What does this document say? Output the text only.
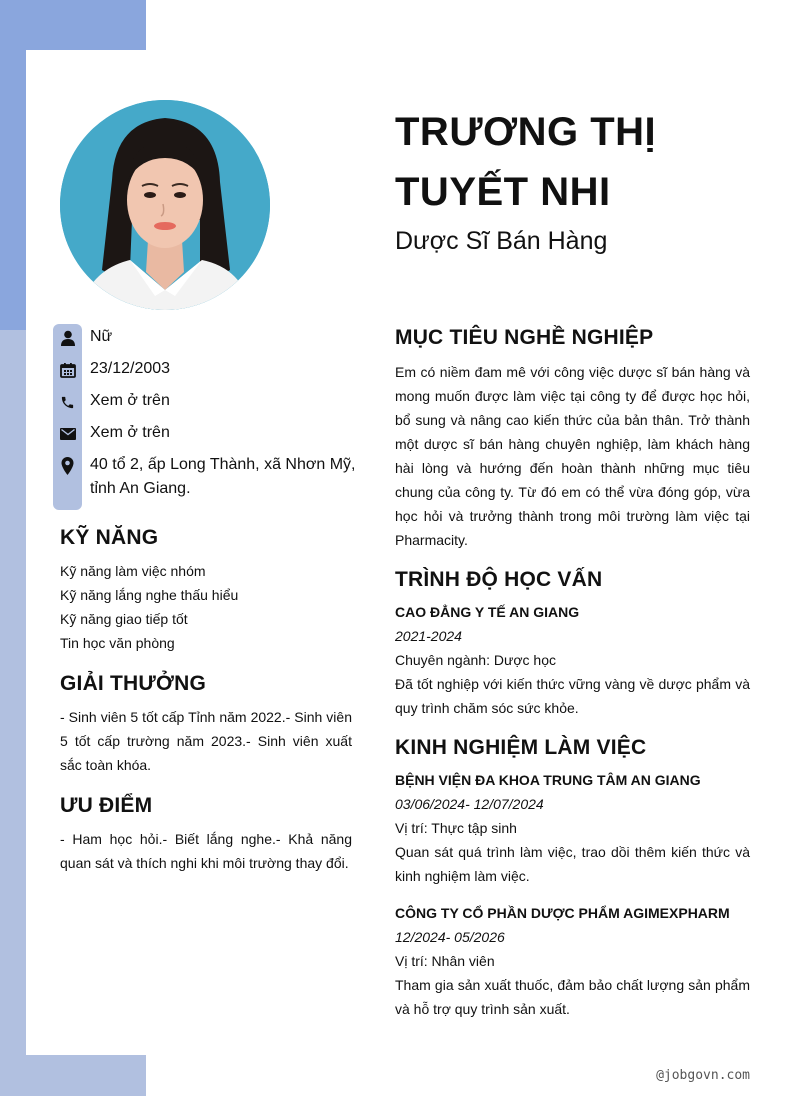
TRƯƠNG THỊ
TUYẾT NHI
Dược Sĩ Bán Hàng
Nữ
23/12/2003
Xem ở trên
Xem ở trên
40 tổ 2, ấp Long Thành, xã Nhơn Mỹ, tỉnh An Giang.
KỸ NĂNG
Kỹ năng làm việc nhóm
Kỹ năng lắng nghe thấu hiểu
Kỹ năng giao tiếp tốt
Tin học văn phòng
GIẢI THƯỞNG
- Sinh viên 5 tốt cấp Tỉnh năm 2022.- Sinh viên 5 tốt cấp trường năm 2023.- Sinh viên xuất sắc toàn khóa.
ƯU ĐIỂM
- Ham học hỏi.- Biết lắng nghe.- Khả năng quan sát và thích nghi khi môi trường thay đổi.
MỤC TIÊU NGHỀ NGHIỆP
Em có niềm đam mê với công việc dược sĩ bán hàng và mong muốn được làm việc tại công ty để được học hỏi, bổ sung và nâng cao kiến thức của bản thân. Trở thành một dược sĩ bán hàng chuyên nghiệp, làm khách hàng hài lòng và hướng đến hoàn thành những mục tiêu chung của công ty. Từ đó em có thể vừa đóng góp, vừa học hỏi và trưởng thành trong môi trường làm việc tại Pharmacity.
TRÌNH ĐỘ HỌC VẤN
CAO ĐẲNG Y TẾ AN GIANG
2021-2024
Chuyên ngành: Dược học
Đã tốt nghiệp với kiến thức vững vàng về dược phẩm và quy trình chăm sóc sức khỏe.
KINH NGHIỆM LÀM VIỆC
BỆNH VIỆN ĐA KHOA TRUNG TÂM AN GIANG
03/06/2024- 12/07/2024
Vị trí: Thực tập sinh
Quan sát quá trình làm việc, trao dồi thêm kiến thức và kinh nghiệm làm việc.
CÔNG TY CỔ PHẦN DƯỢC PHẨM AGIMEXPHARM
12/2024- 05/2026
Vị trí: Nhân viên
Tham gia sản xuất thuốc, đảm bảo chất lượng sản phẩm và hỗ trợ quy trình sản xuất.
@jobgovn.com
